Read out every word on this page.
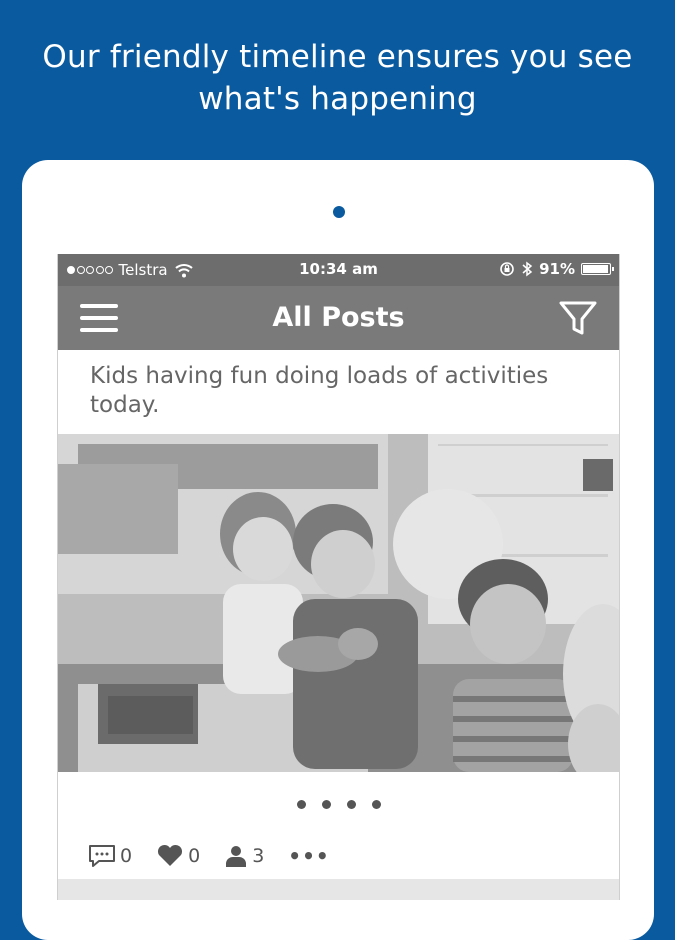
Our friendly timeline ensures you see
what's happening
Telstra	10:34 am	91%
All Posts
Kids having fun doing loads of activities today.
0	0	3 •••
